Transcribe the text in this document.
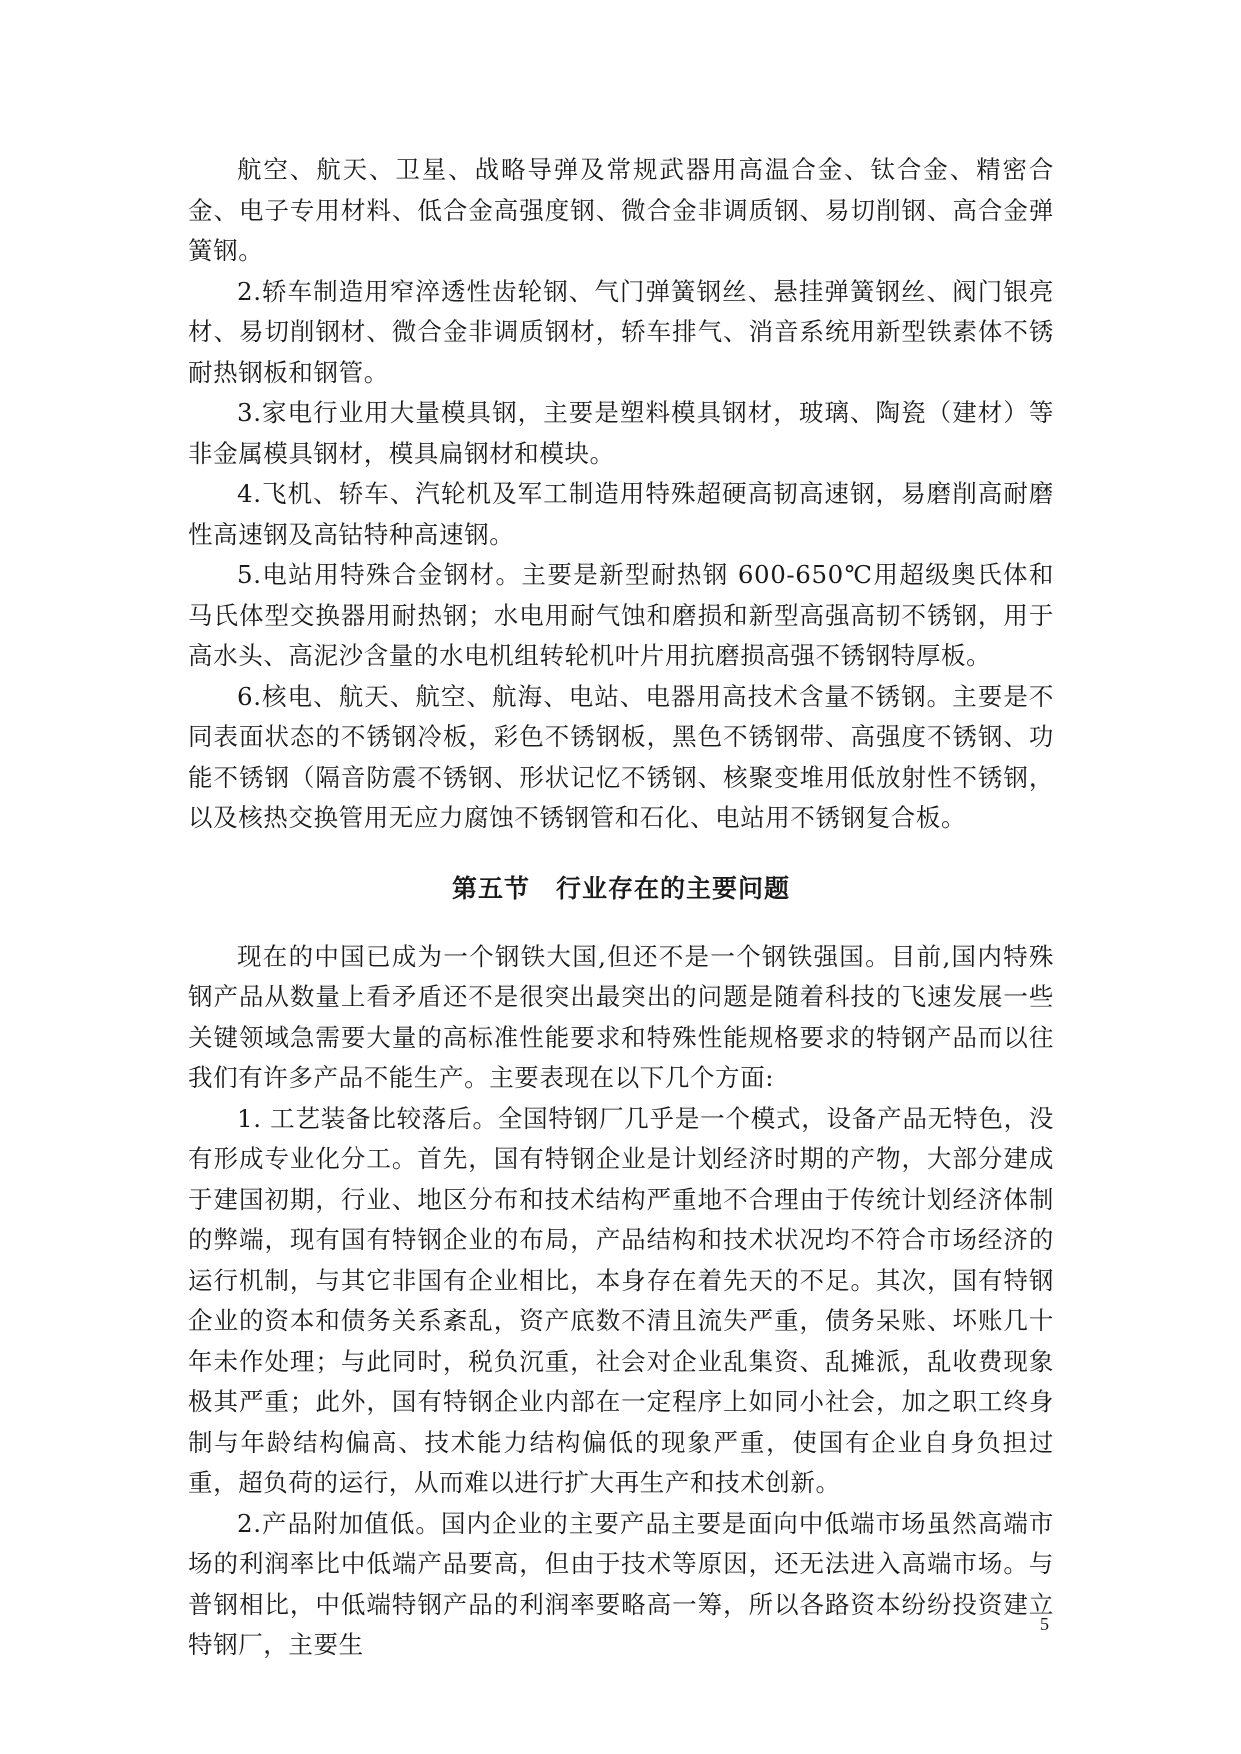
航空、航天、卫星、战略导弹及常规武器用高温合金、钛合金、精密合金、电子专用材料、低合金高强度钢、微合金非调质钢、易切削钢、高合金弹簧钢。

2.轿车制造用窄淬透性齿轮钢、气门弹簧钢丝、悬挂弹簧钢丝、阀门银亮材、易切削钢材、微合金非调质钢材，轿车排气、消音系统用新型铁素体不锈耐热钢板和钢管。

3.家电行业用大量模具钢，主要是塑料模具钢材，玻璃、陶瓷（建材）等非金属模具钢材，模具扁钢材和模块。

4.飞机、轿车、汽轮机及军工制造用特殊超硬高韧高速钢，易磨削高耐磨性高速钢及高钴特种高速钢。

5.电站用特殊合金钢材。主要是新型耐热钢 600-650℃用超级奥氏体和马氏体型交换器用耐热钢；水电用耐气蚀和磨损和新型高强高韧不锈钢，用于高水头、高泥沙含量的水电机组转轮机叶片用抗磨损高强不锈钢特厚板。

6.核电、航天、航空、航海、电站、电器用高技术含量不锈钢。主要是不同表面状态的不锈钢冷板，彩色不锈钢板，黑色不锈钢带、高强度不锈钢、功能不锈钢（隔音防震不锈钢、形状记忆不锈钢、核聚变堆用低放射性不锈钢，以及核热交换管用无应力腐蚀不锈钢管和石化、电站用不锈钢复合板。

第五节　行业存在的主要问题

现在的中国已成为一个钢铁大国,但还不是一个钢铁强国。目前,国内特殊钢产品从数量上看矛盾还不是很突出最突出的问题是随着科技的飞速发展一些关键领域急需要大量的高标准性能要求和特殊性能规格要求的特钢产品而以往我们有许多产品不能生产。主要表现在以下几个方面:

1. 工艺装备比较落后。全国特钢厂几乎是一个模式，设备产品无特色，没有形成专业化分工。首先，国有特钢企业是计划经济时期的产物，大部分建成于建国初期，行业、地区分布和技术结构严重地不合理由于传统计划经济体制的弊端，现有国有特钢企业的布局，产品结构和技术状况均不符合市场经济的运行机制，与其它非国有企业相比，本身存在着先天的不足。其次，国有特钢企业的资本和债务关系紊乱，资产底数不清且流失严重，债务呆账、坏账几十年未作处理；与此同时，税负沉重，社会对企业乱集资、乱摊派，乱收费现象极其严重；此外，国有特钢企业内部在一定程序上如同小社会，加之职工终身制与年龄结构偏高、技术能力结构偏低的现象严重，使国有企业自身负担过重，超负荷的运行，从而难以进行扩大再生产和技术创新。

2.产品附加值低。国内企业的主要产品主要是面向中低端市场虽然高端市场的利润率比中低端产品要高，但由于技术等原因，还无法进入高端市场。与普钢相比，中低端特钢产品的利润率要略高一筹，所以各路资本纷纷投资建立特钢厂，主要生

5
